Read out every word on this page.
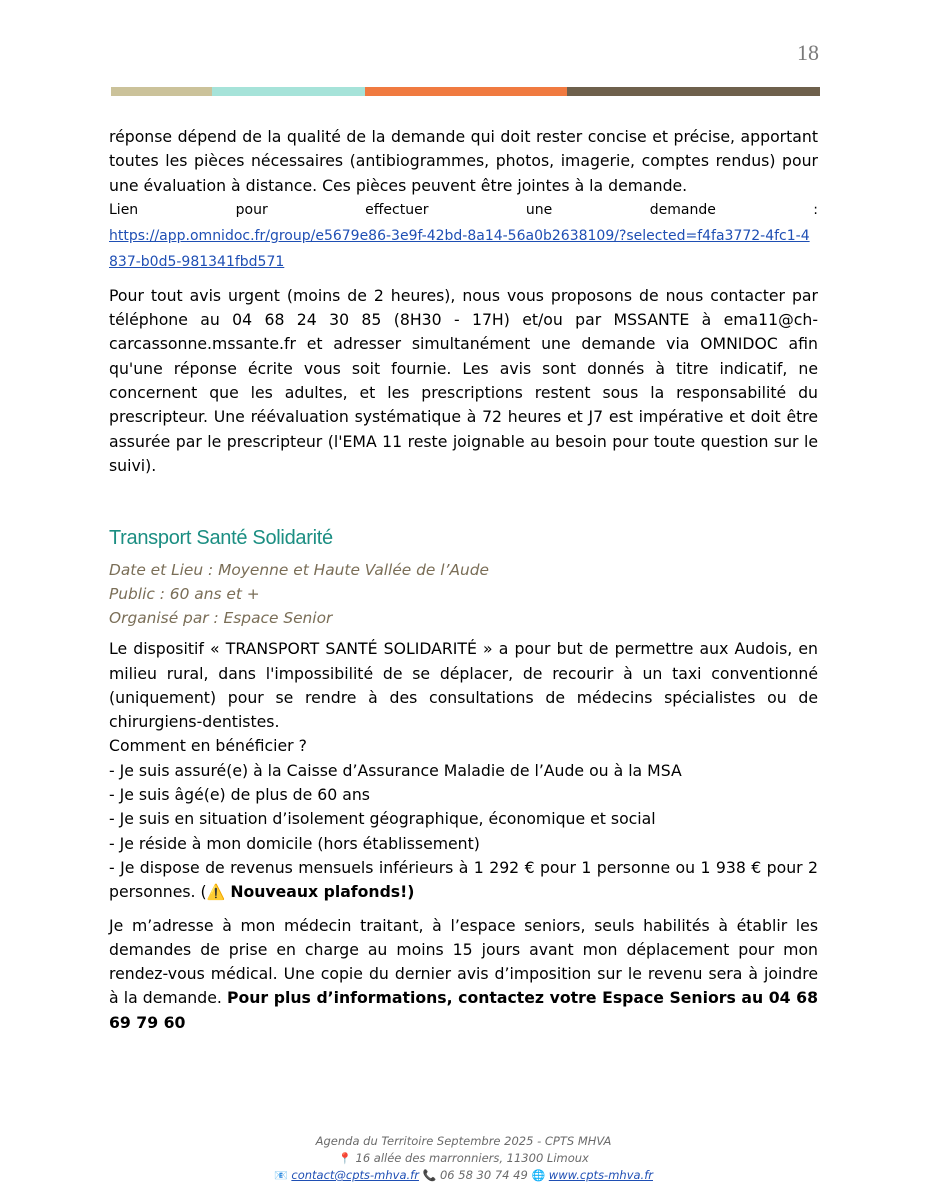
18

réponse dépend de la qualité de la demande qui doit rester concise et précise, apportant toutes les pièces nécessaires (antibiogrammes, photos, imagerie, comptes rendus) pour une évaluation à distance. Ces pièces peuvent être jointes à la demande.

Lien pour effectuer une demande :
https://app.omnidoc.fr/group/e5679e86-3e9f-42bd-8a14-56a0b2638109/?selected=f4fa3772-4fc1-4837-b0d5-981341fbd571

Pour tout avis urgent (moins de 2 heures), nous vous proposons de nous contacter par téléphone au 04 68 24 30 85 (8H30 - 17H) et/ou par MSSANTE à ema11@ch-carcassonne.mssante.fr et adresser simultanément une demande via OMNIDOC afin qu'une réponse écrite vous soit fournie. Les avis sont donnés à titre indicatif, ne concernent que les adultes, et les prescriptions restent sous la responsabilité du prescripteur. Une réévaluation systématique à 72 heures et J7 est impérative et doit être assurée par le prescripteur (l'EMA 11 reste joignable au besoin pour toute question sur le suivi).

Transport Santé Solidarité
Date et Lieu : Moyenne et Haute Vallée de l’Aude
Public : 60 ans et +
Organisé par : Espace Senior

Le dispositif « TRANSPORT SANTÉ SOLIDARITÉ » a pour but de permettre aux Audois, en milieu rural, dans l'impossibilité de se déplacer, de recourir à un taxi conventionné (uniquement) pour se rendre à des consultations de médecins spécialistes ou de chirurgiens-dentistes.

Comment en bénéficier ?
- Je suis assuré(e) à la Caisse d’Assurance Maladie de l’Aude ou à la MSA
- Je suis âgé(e) de plus de 60 ans
- Je suis en situation d’isolement géographique, économique et social
- Je réside à mon domicile (hors établissement)

- Je dispose de revenus mensuels inférieurs à 1 292 € pour 1 personne ou 1 938 € pour 2 personnes. (⚠️ Nouveaux plafonds!)

Je m’adresse à mon médecin traitant, à l’espace seniors, seuls habilités à établir les demandes de prise en charge au moins 15 jours avant mon déplacement pour mon rendez-vous médical. Une copie du dernier avis d’imposition sur le revenu sera à joindre à la demande. Pour plus d’informations, contactez votre Espace Seniors au 04 68 69 79 60

Agenda du Territoire Septembre 2025 - CPTS MHVA
📍 16 allée des marronniers, 11300 Limoux
📧 contact@cpts-mhva.fr 📞 06 58 30 74 49 🌐 www.cpts-mhva.fr
